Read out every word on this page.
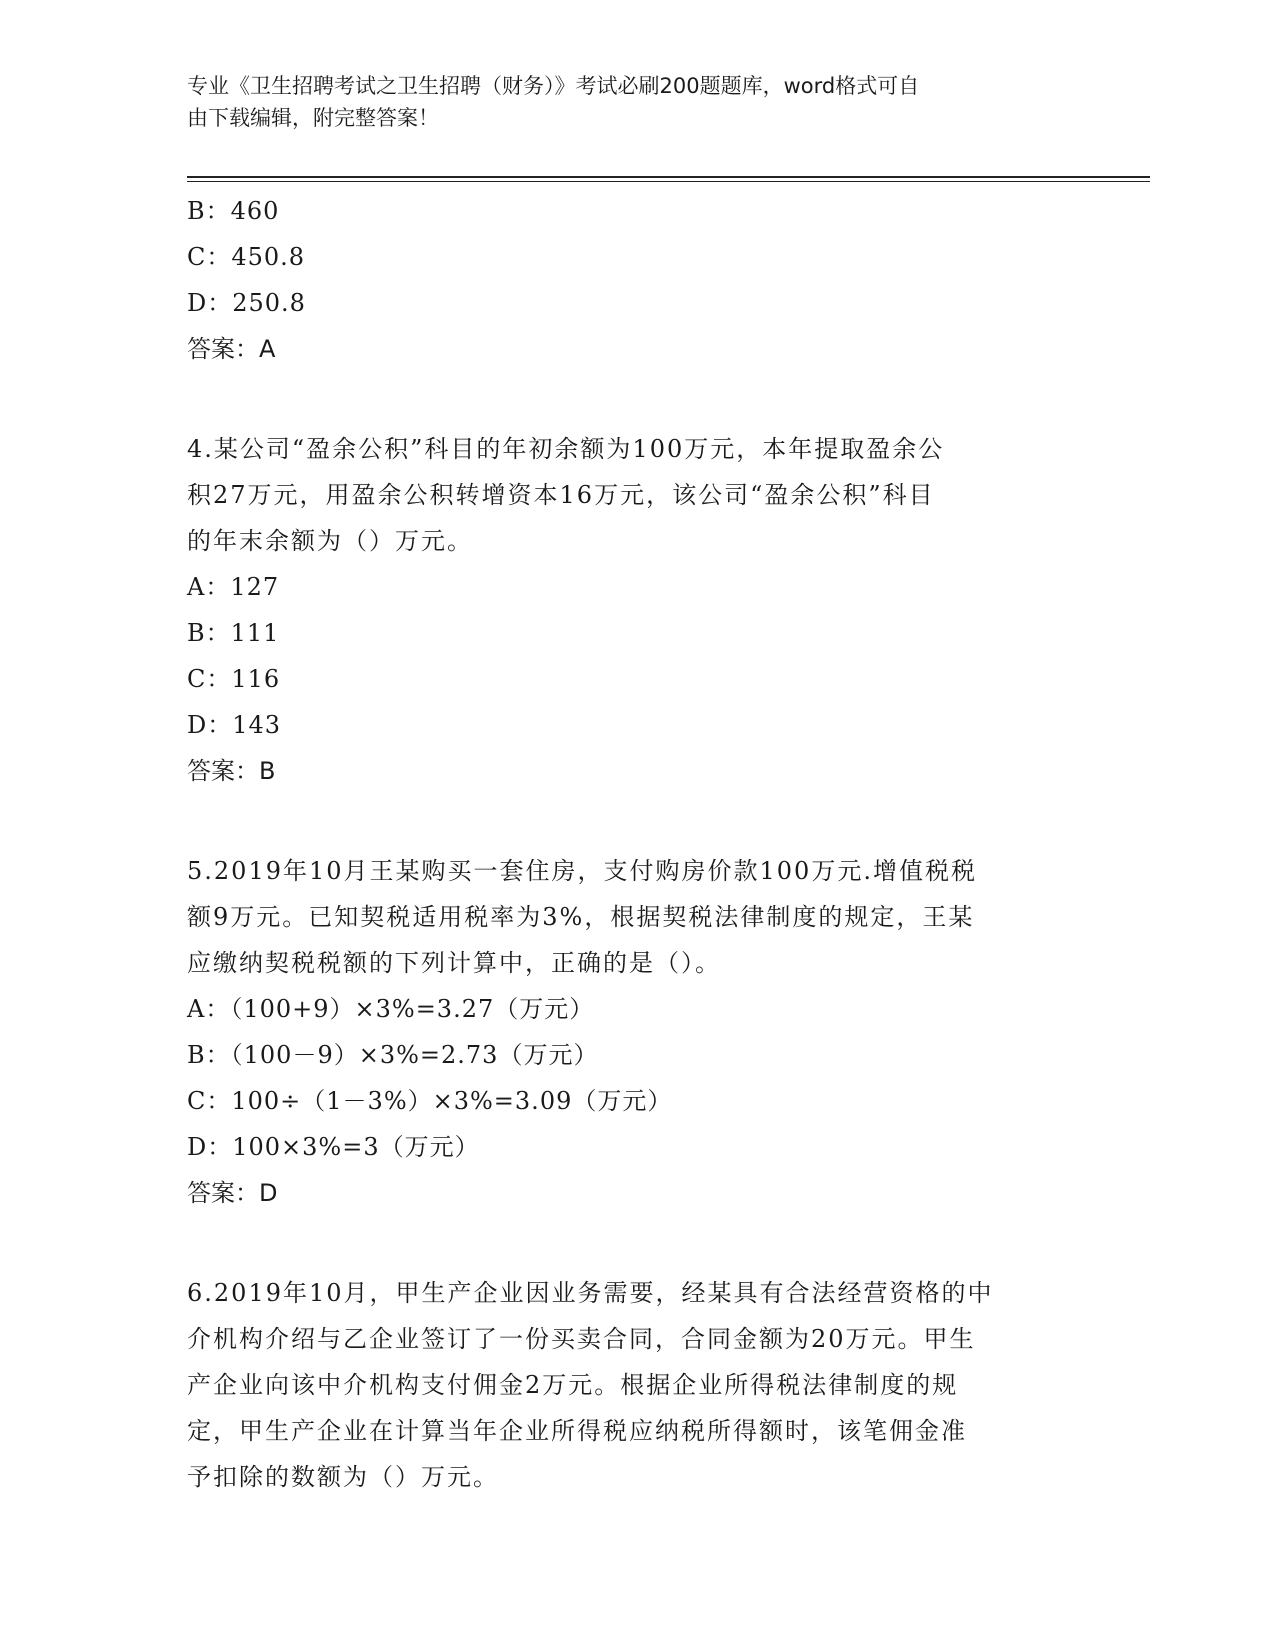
专业《卫生招聘考试之卫生招聘（财务）》考试必刷200题题库，word格式可自
由下载编辑，附完整答案！
B：460
C：450.8
D：250.8
答案：A
4.某公司“盈余公积”科目的年初余额为100万元，本年提取盈余公
积27万元，用盈余公积转增资本16万元，该公司“盈余公积”科目
的年末余额为（）万元。
A：127
B：111
C：116
D：143
答案：B
5.2019年10月王某购买一套住房，支付购房价款100万元.增值税税
额9万元。已知契税适用税率为3%，根据契税法律制度的规定，王某
应缴纳契税税额的下列计算中，正确的是（）。
A：（100+9）×3%=3.27（万元）
B：（100－9）×3%=2.73（万元）
C：100÷（1－3%）×3%=3.09（万元）
D：100×3%=3（万元）
答案：D
6.2019年10月，甲生产企业因业务需要，经某具有合法经营资格的中
介机构介绍与乙企业签订了一份买卖合同，合同金额为20万元。甲生
产企业向该中介机构支付佣金2万元。根据企业所得税法律制度的规
定，甲生产企业在计算当年企业所得税应纳税所得额时，该笔佣金准
予扣除的数额为（）万元。
